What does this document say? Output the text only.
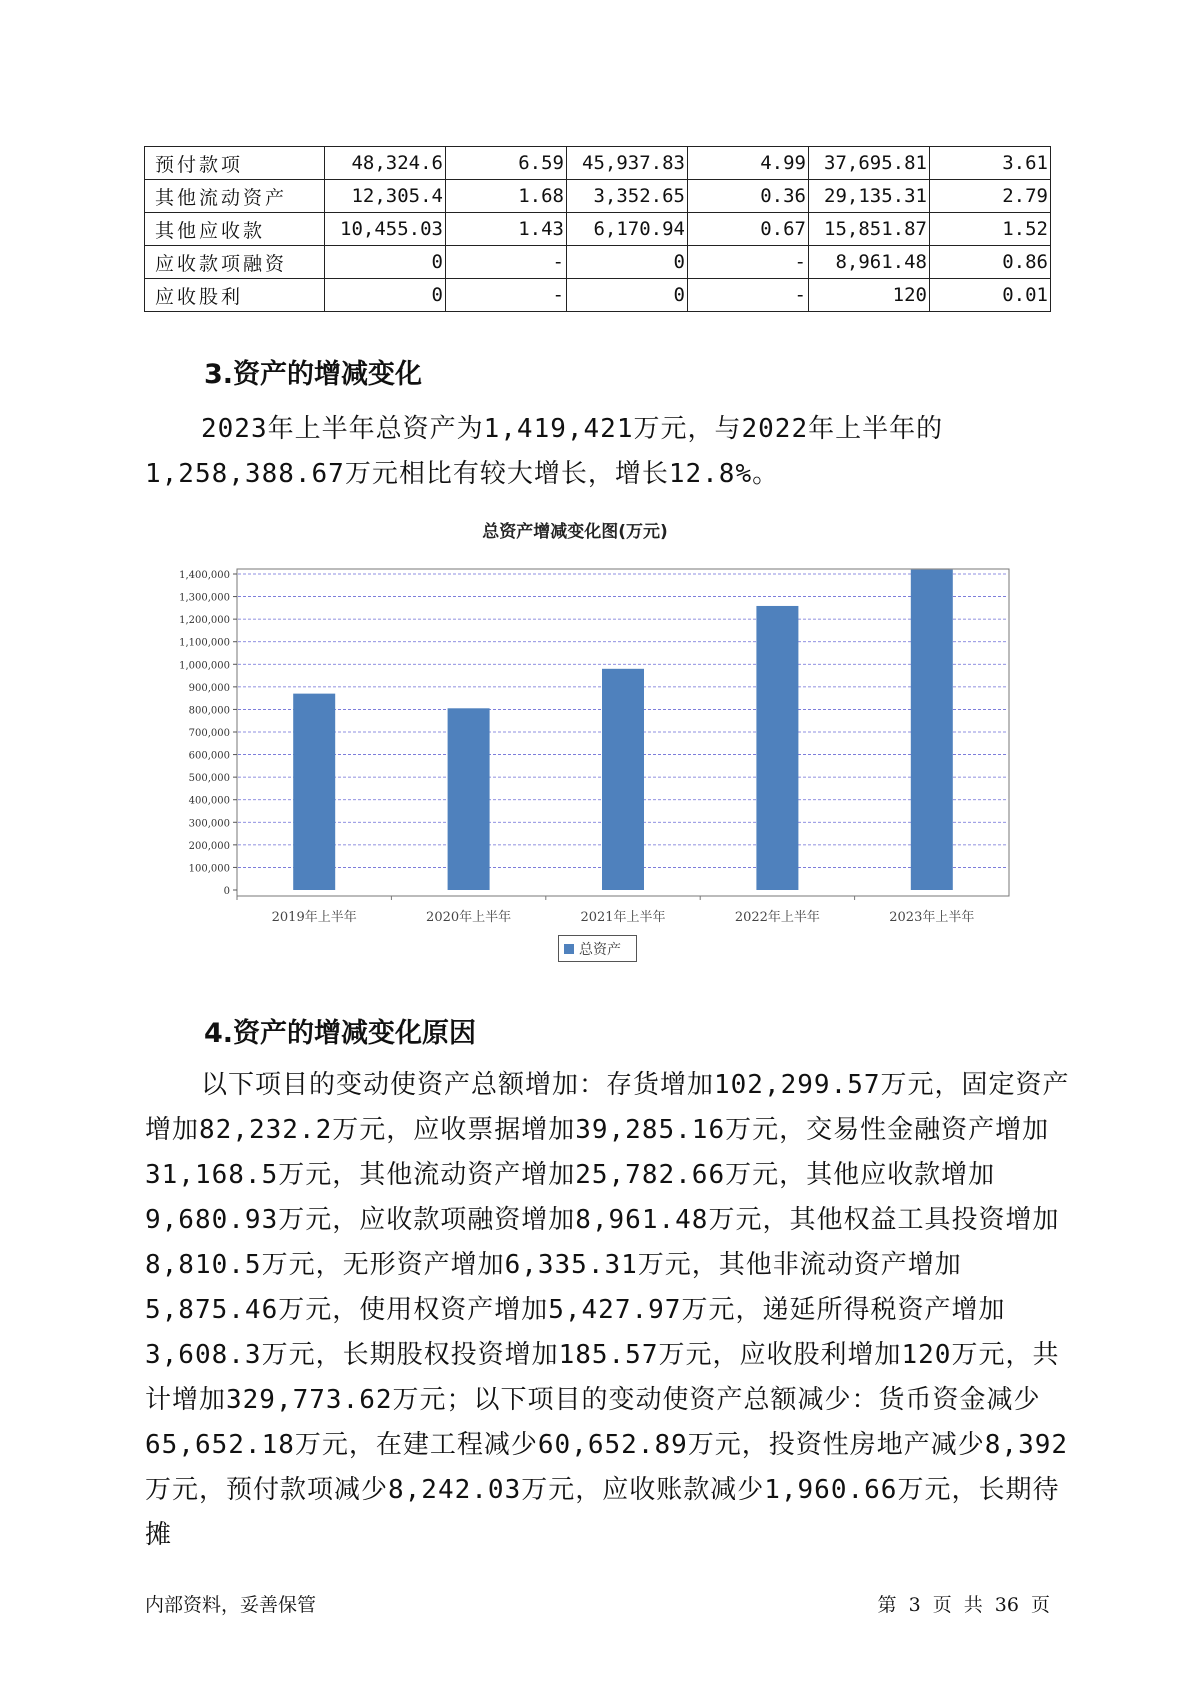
预付款项	48,324.6	6.59	45,937.83	4.99	37,695.81	3.61
其他流动资产	12,305.4	1.68	3,352.65	0.36	29,135.31	2.79
其他应收款	10,455.03	1.43	6,170.94	0.67	15,851.87	1.52
应收款项融资	0	-	0	-	8,961.48	0.86
应收股利	0	-	0	-	120	0.01
3.资产的增减变化

2023年上半年总资产为1,419,421万元，与2022年上半年的1,258,388.67万元相比有较大增长，增长12.8%。

总资产增减变化图(万元)
0
100,000
200,000
300,000
400,000
500,000
600,000
700,000
800,000
900,000
1,000,000
1,100,000
1,200,000
1,300,000
1,400,000
2019年上半年	2020年上半年	2021年上半年	2022年上半年	2023年上半年
4.资产的增减变化原因

以下项目的变动使资产总额增加：存货增加102,299.57万元，固定资产增加82,232.2万元，应收票据增加39,285.16万元，交易性金融资产增加31,168.5万元，其他流动资产增加25,782.66万元，其他应收款增加9,680.93万元，应收款项融资增加8,961.48万元，其他权益工具投资增加8,810.5万元，无形资产增加6,335.31万元，其他非流动资产增加5,875.46万元，使用权资产增加5,427.97万元，递延所得税资产增加3,608.3万元，长期股权投资增加185.57万元，应收股利增加120万元，共计增加329,773.62万元；以下项目的变动使资产总额减少：货币资金减少65,652.18万元，在建工程减少60,652.89万元，投资性房地产减少8,392万元，预付款项减少8,242.03万元，应收账款减少1,960.66万元，长期待摊

内部资料，妥善保管	第 3 页 共 36 页
总资产
